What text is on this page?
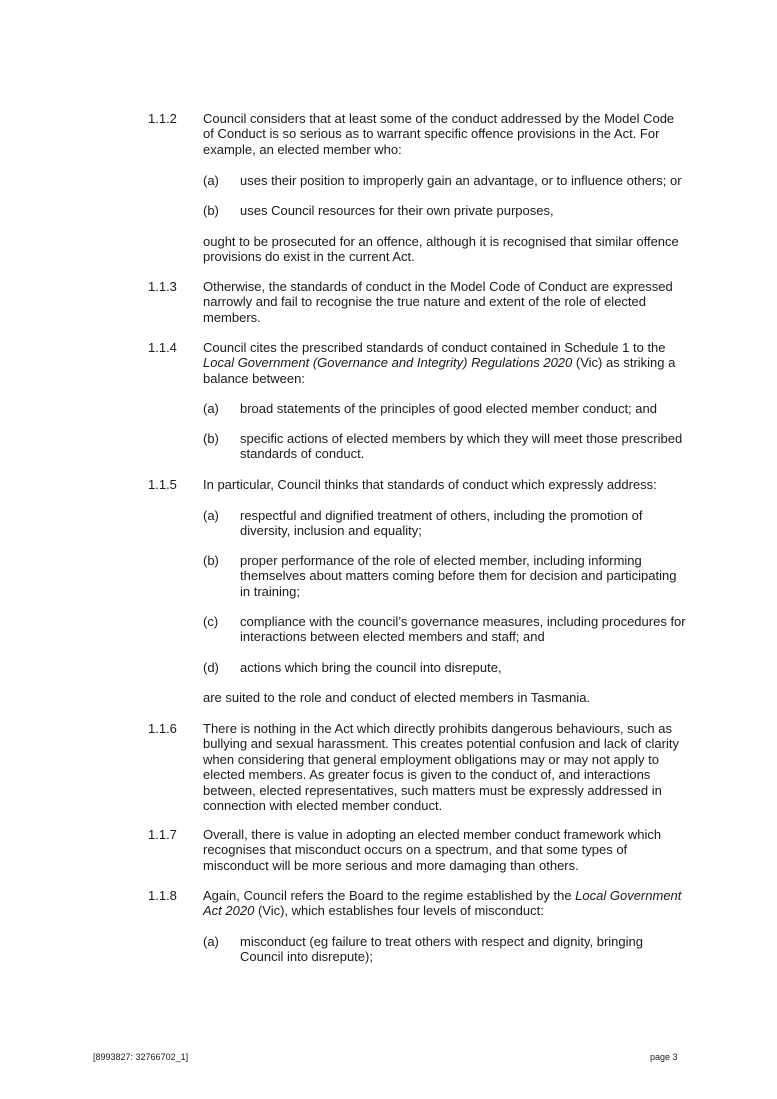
1.1.2	Council considers that at least some of the conduct addressed by the Model Code of Conduct is so serious as to warrant specific offence provisions in the Act. For example, an elected member who:
(a)	uses their position to improperly gain an advantage, or to influence others; or
(b)	uses Council resources for their own private purposes,
ought to be prosecuted for an offence, although it is recognised that similar offence provisions do exist in the current Act.
1.1.3	Otherwise, the standards of conduct in the Model Code of Conduct are expressed narrowly and fail to recognise the true nature and extent of the role of elected members.
1.1.4	Council cites the prescribed standards of conduct contained in Schedule 1 to the Local Government (Governance and Integrity) Regulations 2020 (Vic) as striking a balance between:
(a)	broad statements of the principles of good elected member conduct; and
(b)	specific actions of elected members by which they will meet those prescribed standards of conduct.
1.1.5	In particular, Council thinks that standards of conduct which expressly address:
(a)	respectful and dignified treatment of others, including the promotion of diversity, inclusion and equality;
(b)	proper performance of the role of elected member, including informing themselves about matters coming before them for decision and participating in training;
(c)	compliance with the council’s governance measures, including procedures for interactions between elected members and staff; and
(d)	actions which bring the council into disrepute,
are suited to the role and conduct of elected members in Tasmania.
1.1.6	There is nothing in the Act which directly prohibits dangerous behaviours, such as bullying and sexual harassment. This creates potential confusion and lack of clarity when considering that general employment obligations may or may not apply to elected members. As greater focus is given to the conduct of, and interactions between, elected representatives, such matters must be expressly addressed in connection with elected member conduct.
1.1.7	Overall, there is value in adopting an elected member conduct framework which recognises that misconduct occurs on a spectrum, and that some types of misconduct will be more serious and more damaging than others.
1.1.8	Again, Council refers the Board to the regime established by the Local Government Act 2020 (Vic), which establishes four levels of misconduct:
(a)	misconduct (eg failure to treat others with respect and dignity, bringing Council into disrepute);
[8993827: 32766702_1]	page 3
